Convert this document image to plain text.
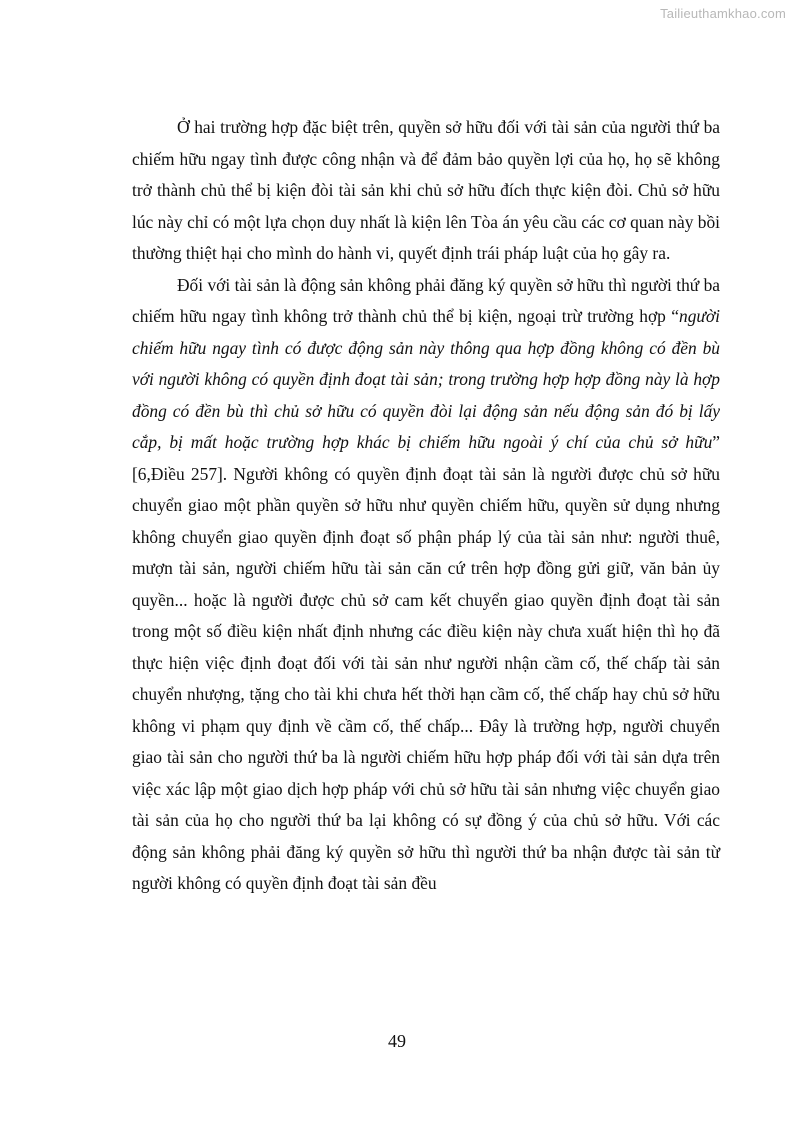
Tailieuthamkhao.com

Ở hai trường hợp đặc biệt trên, quyền sở hữu đối với tài sản của người thứ ba chiếm hữu ngay tình được công nhận và để đảm bảo quyền lợi của họ, họ sẽ không trở thành chủ thể bị kiện đòi tài sản khi chủ sở hữu đích thực kiện đòi. Chủ sở hữu lúc này chỉ có một lựa chọn duy nhất là kiện lên Tòa án yêu cầu các cơ quan này bồi thường thiệt hại cho mình do hành vi, quyết định trái pháp luật của họ gây ra.

Đối với tài sản là động sản không phải đăng ký quyền sở hữu thì người thứ ba chiếm hữu ngay tình không trở thành chủ thể bị kiện, ngoại trừ trường hợp “người chiếm hữu ngay tình có được động sản này thông qua hợp đồng không có đền bù với người không có quyền định đoạt tài sản; trong trường hợp hợp đồng này là hợp đồng có đền bù thì chủ sở hữu có quyền đòi lại động sản nếu động sản đó bị lấy cắp, bị mất hoặc trường hợp khác bị chiếm hữu ngoài ý chí của chủ sở hữu” [6,Điều 257]. Người không có quyền định đoạt tài sản là người được chủ sở hữu chuyển giao một phần quyền sở hữu như quyền chiếm hữu, quyền sử dụng nhưng không chuyển giao quyền định đoạt số phận pháp lý của tài sản như: người thuê, mượn tài sản, người chiếm hữu tài sản căn cứ trên hợp đồng gửi giữ, văn bản ủy quyền... hoặc là người được chủ sở cam kết chuyển giao quyền định đoạt tài sản trong một số điều kiện nhất định nhưng các điều kiện này chưa xuất hiện thì họ đã thực hiện việc định đoạt đối với tài sản như người nhận cầm cố, thế chấp tài sản chuyển nhượng, tặng cho tài khi chưa hết thời hạn cầm cố, thế chấp hay chủ sở hữu không vi phạm quy định về cầm cố, thế chấp... Đây là trường hợp, người chuyển giao tài sản cho người thứ ba là người chiếm hữu hợp pháp đối với tài sản dựa trên việc xác lập một giao dịch hợp pháp với chủ sở hữu tài sản nhưng việc chuyển giao tài sản của họ cho người thứ ba lại không có sự đồng ý của chủ sở hữu. Với các động sản không phải đăng ký quyền sở hữu thì người thứ ba nhận được tài sản từ người không có quyền định đoạt tài sản đều

49
